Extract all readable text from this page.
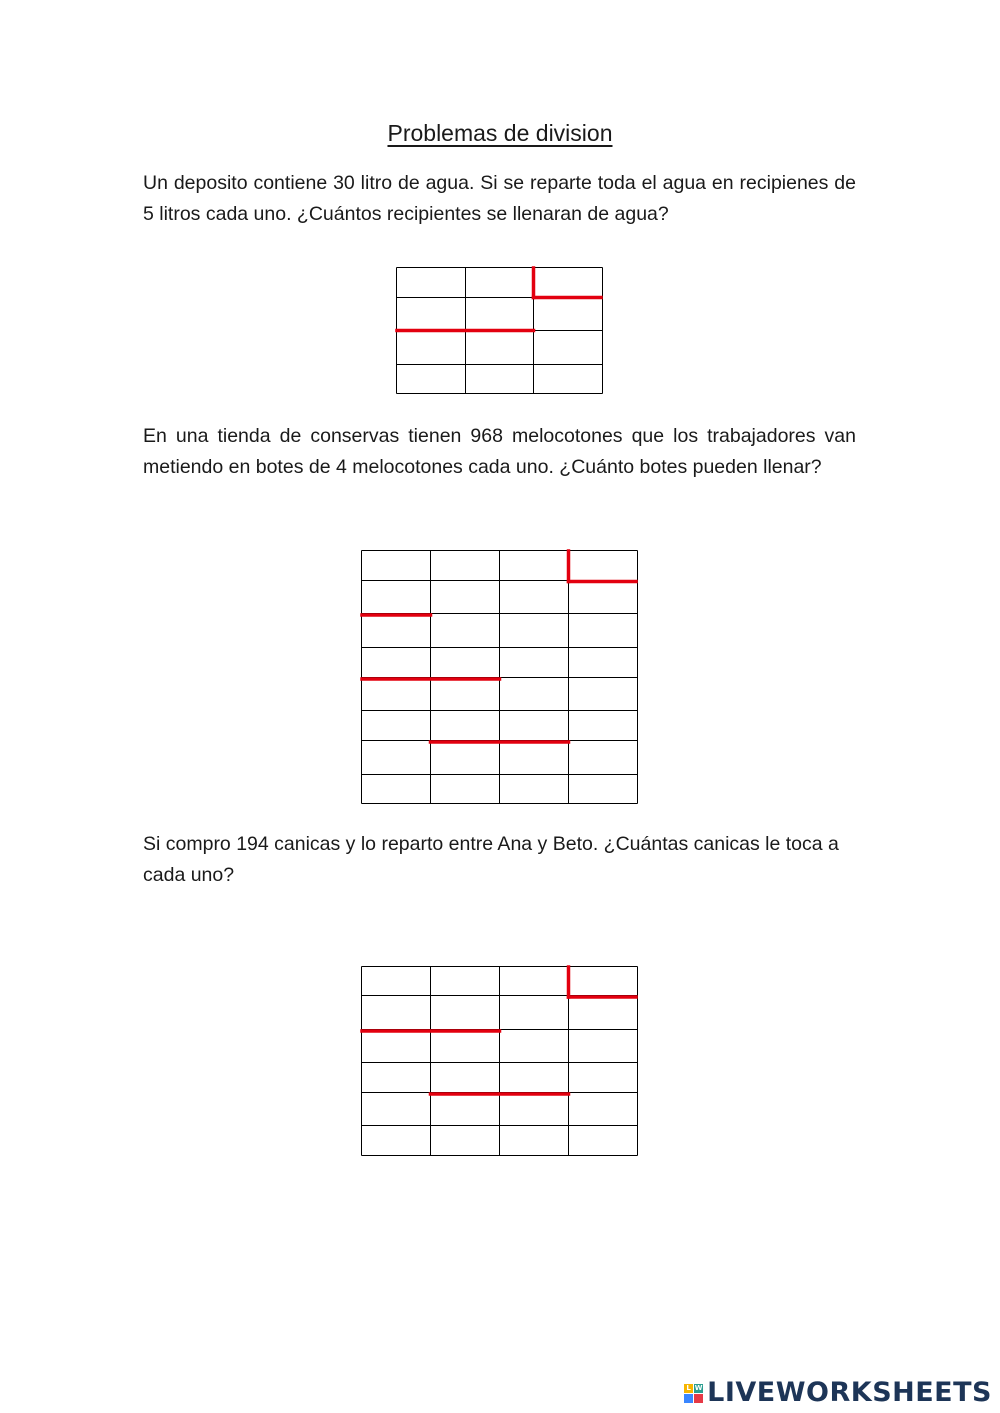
Problemas de division

Un deposito contiene 30 litro de agua. Si se reparte toda el agua en recipienes de 5 litros cada uno. ¿Cuántos recipientes se llenaran de agua?

En una tienda de conservas tienen 968 melocotones que los trabajadores van metiendo en botes de 4 melocotones cada uno. ¿Cuánto botes pueden llenar?

Si compro 194 canicas y lo reparto entre Ana y Beto. ¿Cuántas canicas le toca a cada uno?

L W LIVEWORKSHEETS
